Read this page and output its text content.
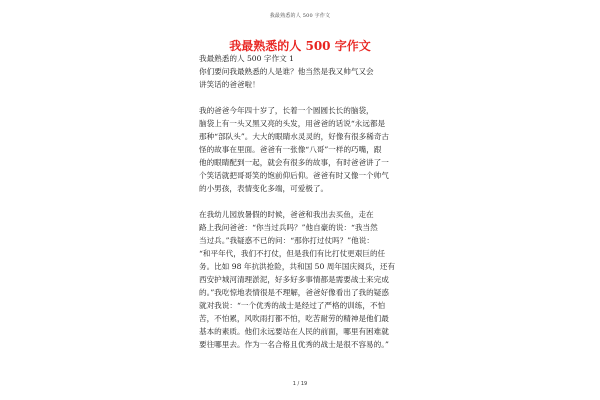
我最熟悉的人 500 字作文
我最熟悉的人 500 字作文

我最熟悉的人 500 字作文 1

你们要问我最熟悉的人是谁？他当然是我又帅气又会

讲笑话的爸爸啦！

我的爸爸今年四十岁了，长着一个圆圆长长的脑袋，

脑袋上有一头又黑又亮的头发，用爸爸的话说“永远都是

那种“部队头”。大大的眼睛水灵灵的，好像有很多稀奇古

怪的故事在里面。爸爸有一张像“八哥”一样的巧嘴，跟

他的眼睛配到一起，就会有很多的故事，有时爸爸讲了一

个笑话就把哥哥笑的饱前仰后仰。爸爸有时又像一个帅气

的小男孩，表情变化多端，可爱极了。

在我幼儿园放暑假的时候，爸爸和我出去买鱼，走在

路上我问爸爸：“你当过兵吗？”他自豪的说：“我当然

当过兵。”我疑惑不已的问：“那你打过仗吗？”他说：

“和平年代，我们不打仗，但是我们有比打仗更艰巨的任

务。比如 98 年抗洪抢险，共和国 50 周年国庆阅兵，还有

西安护城河清理淤泥，好多好多事情都是需要战士来完成

的。”我吃惊地表情很是不理解，爸爸好像看出了我的疑惑

就对我说：“一个优秀的战士是经过了严格的训练，不怕

苦，不怕累，风吹雨打都不怕，吃苦耐劳的精神是他们最

基本的素质。他们永远要站在人民的前面，哪里有困难就

要往哪里去。作为一名合格且优秀的战士是很不容易的。”

1 / 19
